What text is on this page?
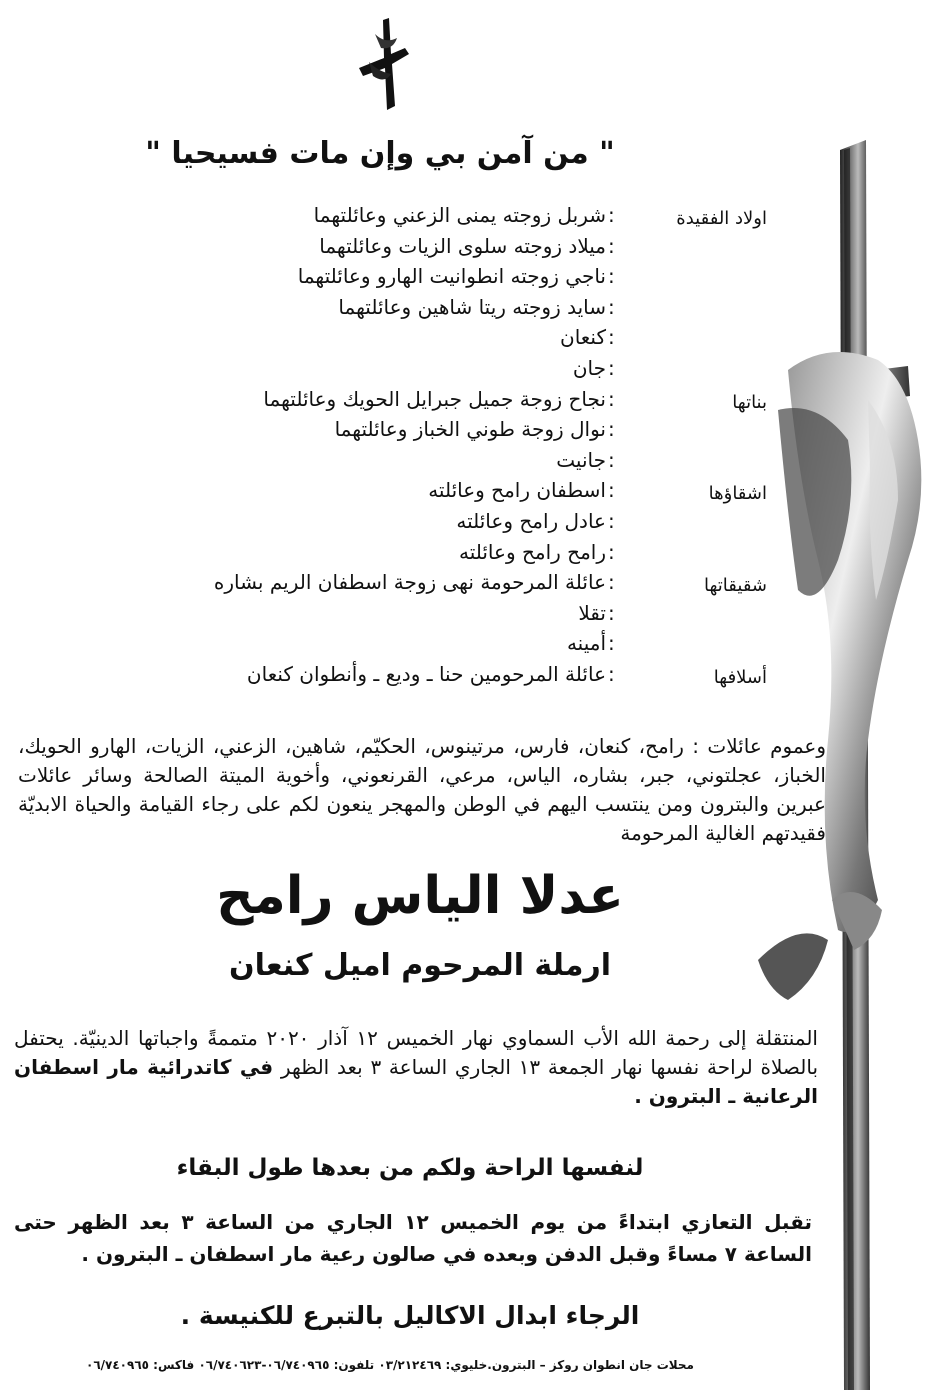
" من آمن بي وإن مات فسيحيا "
اولاد الفقيدة
:
شربل زوجته يمنى الزعني وعائلتهما
:
ميلاد زوجته سلوى الزيات وعائلتهما
:
ناجي زوجته انطوانيت الهارو وعائلتهما
:
سايد زوجته ريتا شاهين وعائلتهما
:
كنعان
:
جان
بناتها
:
نجاح زوجة جميل جبرايل الحويك وعائلتهما
:
نوال زوجة طوني الخباز وعائلتهما
:
جانيت
اشقاؤها
:
اسطفان رامح وعائلته
:
عادل رامح وعائلته
:
رامح رامح وعائلته
شقيقاتها
:
عائلة المرحومة نهى زوجة اسطفان الريم بشاره
:
تقلا
:
أمينه
أسلافها
:
عائلة المرحومين حنا ـ وديع ـ وأنطوان كنعان
وعموم عائلات : رامح، كنعان، فارس، مرتينوس، الحكيّم، شاهين، الزعني، الزيات، الهارو الحويك، الخباز، عجلتوني، جبر، بشاره، الياس، مرعي، القرنعوني، وأخوية الميتة الصالحة وسائر عائلات عبرين والبترون ومن ينتسب اليهم في الوطن والمهجر ينعون لكم على رجاء القيامة والحياة الابديّة فقيدتهم الغالية المرحومة
عدلا الياس رامح
ارملة المرحوم اميل كنعان
المنتقلة إلى رحمة الله الأب السماوي نهار الخميس ١٢ آذار ٢٠٢٠ متممةً واجباتها الدينيّة. يحتفل بالصلاة لراحة نفسها نهار الجمعة ١٣ الجاري الساعة ٣ بعد الظهر في كاتدرائية مار اسطفان الرعانية ـ البترون .
لنفسها الراحة ولكم من بعدها طول البقاء
تقبل التعازي ابتداءً من يوم الخميس ١٢ الجاري من الساعة ٣ بعد الظهر حتى الساعة ٧ مساءً وقبل الدفن وبعده في صالون رعية مار اسطفان ـ البترون .
الرجاء ابدال الاكاليل بالتبرع للكنيسة .
محلات جان انطوان روكز – البترون.خليوي: ٠٣/٢١٢٤٦٩ تلفون: ٠٦/٧٤٠٩٦٥-٠٦/٧٤٠٦٢٣ فاكس: ٠٦/٧٤٠٩٦٥
